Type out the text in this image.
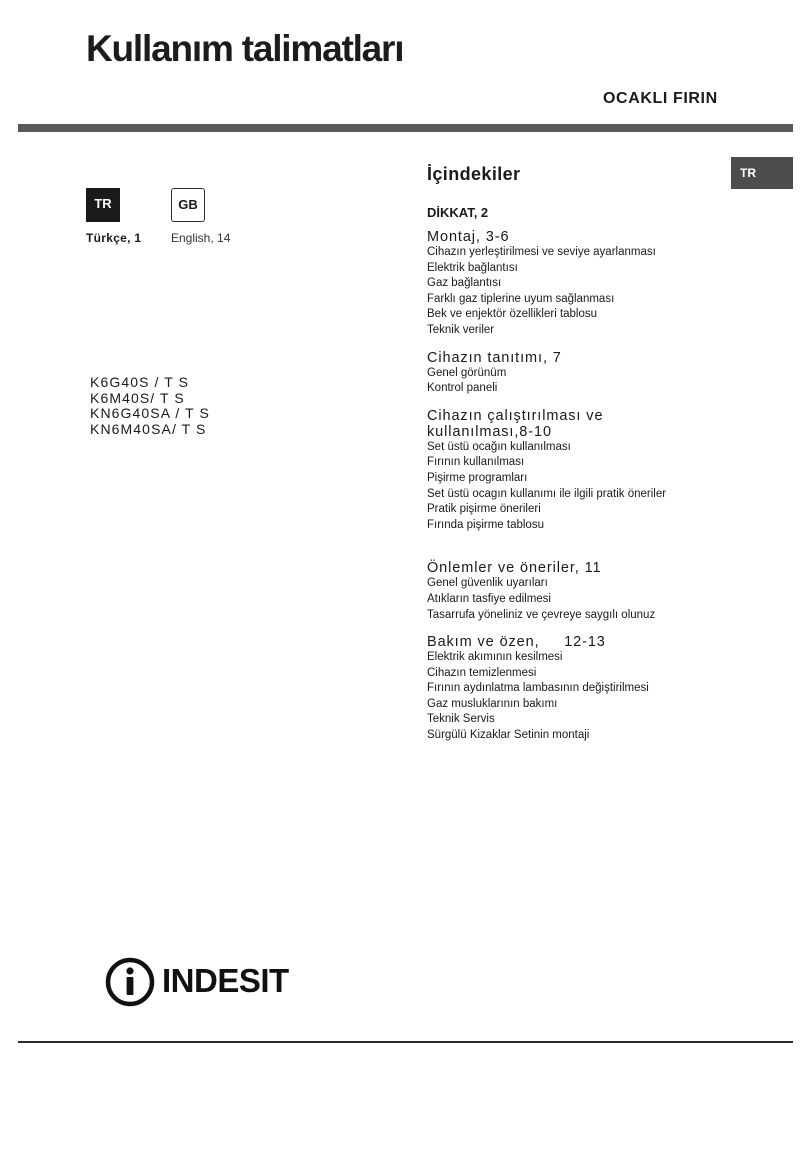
Kullanım talimatları
OCAKLI FIRIN
TR
TR	GB
Türkçe, 1 English, 14
K6G40S / T S
K6M40S/ T S
KN6G40SA / T S
KN6M40SA/ T S
İçindekiler
DİKKAT, 2
Montaj, 3-6
Cihazın yerleştirilmesi ve seviye ayarlanması
Elektrik bağlantısı
Gaz bağlantısı
Farklı gaz tiplerine uyum sağlanması
Bek ve enjektör özellikleri tablosu
Teknik veriler
Cihazın tanıtımı, 7
Genel görünüm
Kontrol paneli
Cihazın çalıştırılması ve
kullanılması,8-10
Set üstü ocağın kullanılması
Fırının kullanılması
Pişirme programları
Set üstü ocagın kullanımı ile ilgili pratik öneriler
Pratik pişirme önerileri
Fırında pişirme tablosu
Önlemler ve öneriler, 11
Genel güvenlik uyarıları
Atıkların tasfiye edilmesi
Tasarrufa yöneliniz ve çevreye saygılı olunuz
Bakım ve özen,     12-13
Elektrik akımının kesilmesi
Cihazın temizlenmesi
Fırının aydınlatma lambasının değiştirilmesi
Gaz musluklarının bakımı
Teknik Servis
Sürgülü Kizaklar Setinin montaji
INDESIT
